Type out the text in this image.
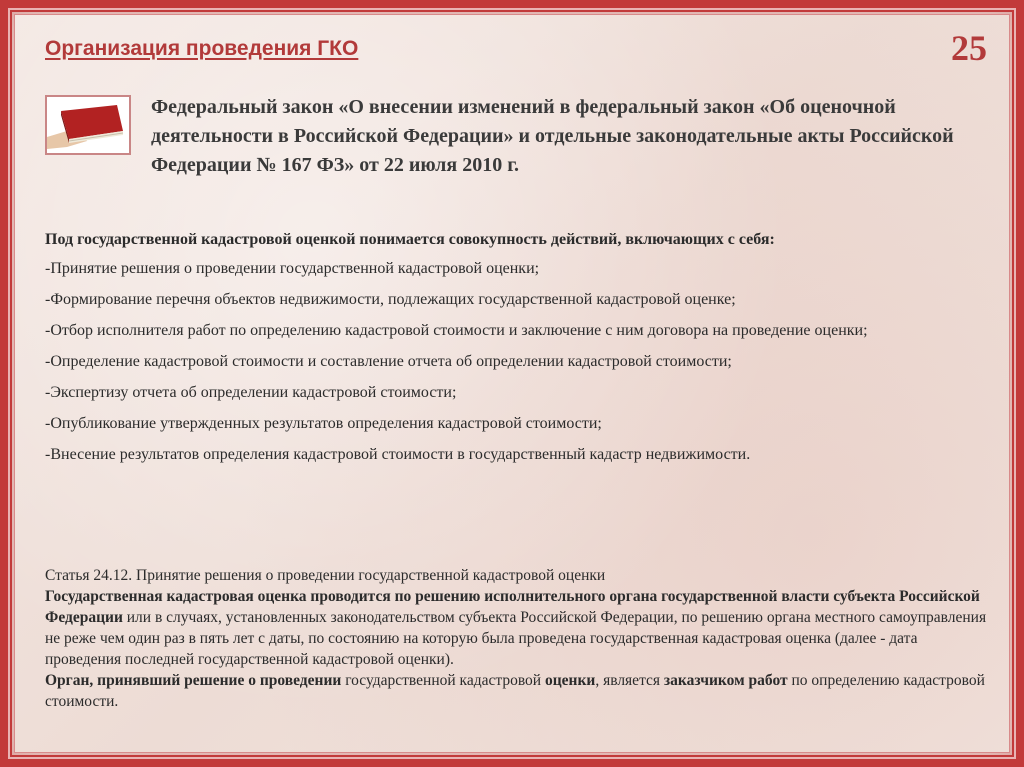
Организация проведения ГКО	25
Федеральный закон «О внесении изменений в федеральный закон «Об оценочной деятельности в Российской Федерации» и отдельные законодательные акты Российской Федерации № 167 ФЗ» от 22 июля 2010 г.

Под государственной кадастровой оценкой понимается совокупность действий, включающих с себя:

-Принятие решения о проведении государственной кадастровой оценки;

-Формирование перечня объектов недвижимости, подлежащих государственной кадастровой оценке;

-Отбор исполнителя работ по определению кадастровой стоимости и заключение с ним договора на проведение оценки;

-Определение кадастровой стоимости и составление отчета об определении кадастровой стоимости;

-Экспертизу отчета об определении кадастровой стоимости;

-Опубликование утвержденных результатов определения кадастровой стоимости;

-Внесение результатов определения кадастровой стоимости в государственный кадастр недвижимости.

Статья 24.12. Принятие решения о проведении государственной кадастровой оценки

Государственная кадастровая оценка проводится по решению исполнительного органа государственной власти субъекта Российской Федерации или в случаях, установленных законодательством субъекта Российской Федерации, по решению органа местного самоуправления не реже чем один раз в пять лет с даты, по состоянию на которую была проведена государственная кадастровая оценка (далее - дата проведения последней государственной кадастровой оценки).

Орган, принявший решение о проведении государственной кадастровой оценки, является заказчиком работ по определению кадастровой стоимости.
